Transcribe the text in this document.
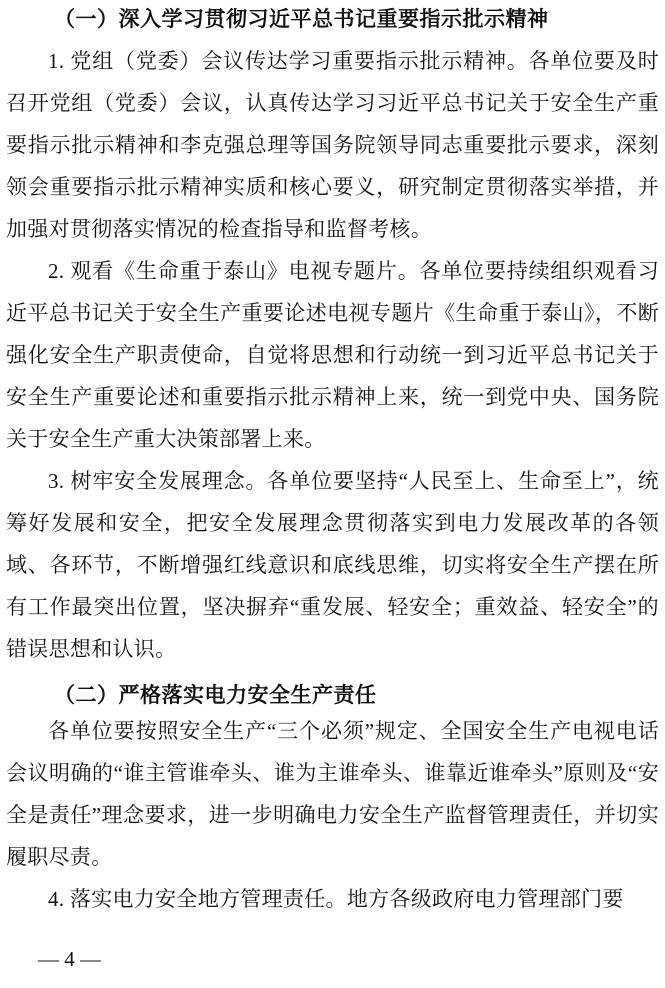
（一）深入学习贯彻习近平总书记重要指示批示精神

1. 党组（党委）会议传达学习重要指示批示精神。各单位要及时召开党组（党委）会议，认真传达学习习近平总书记关于安全生产重要指示批示精神和李克强总理等国务院领导同志重要批示要求，深刻领会重要指示批示精神实质和核心要义，研究制定贯彻落实举措，并加强对贯彻落实情况的检查指导和监督考核。

2. 观看《生命重于泰山》电视专题片。各单位要持续组织观看习近平总书记关于安全生产重要论述电视专题片《生命重于泰山》，不断强化安全生产职责使命，自觉将思想和行动统一到习近平总书记关于安全生产重要论述和重要指示批示精神上来，统一到党中央、国务院关于安全生产重大决策部署上来。

3. 树牢安全发展理念。各单位要坚持“人民至上、生命至上”，统筹好发展和安全，把安全发展理念贯彻落实到电力发展改革的各领域、各环节，不断增强红线意识和底线思维，切实将安全生产摆在所有工作最突出位置，坚决摒弃“重发展、轻安全；重效益、轻安全”的错误思想和认识。

（二）严格落实电力安全生产责任

各单位要按照安全生产“三个必须”规定、全国安全生产电视电话会议明确的“谁主管谁牵头、谁为主谁牵头、谁靠近谁牵头”原则及“安全是责任”理念要求，进一步明确电力安全生产监督管理责任，并切实履职尽责。

4. 落实电力安全地方管理责任。地方各级政府电力管理部门要

— 4 —
